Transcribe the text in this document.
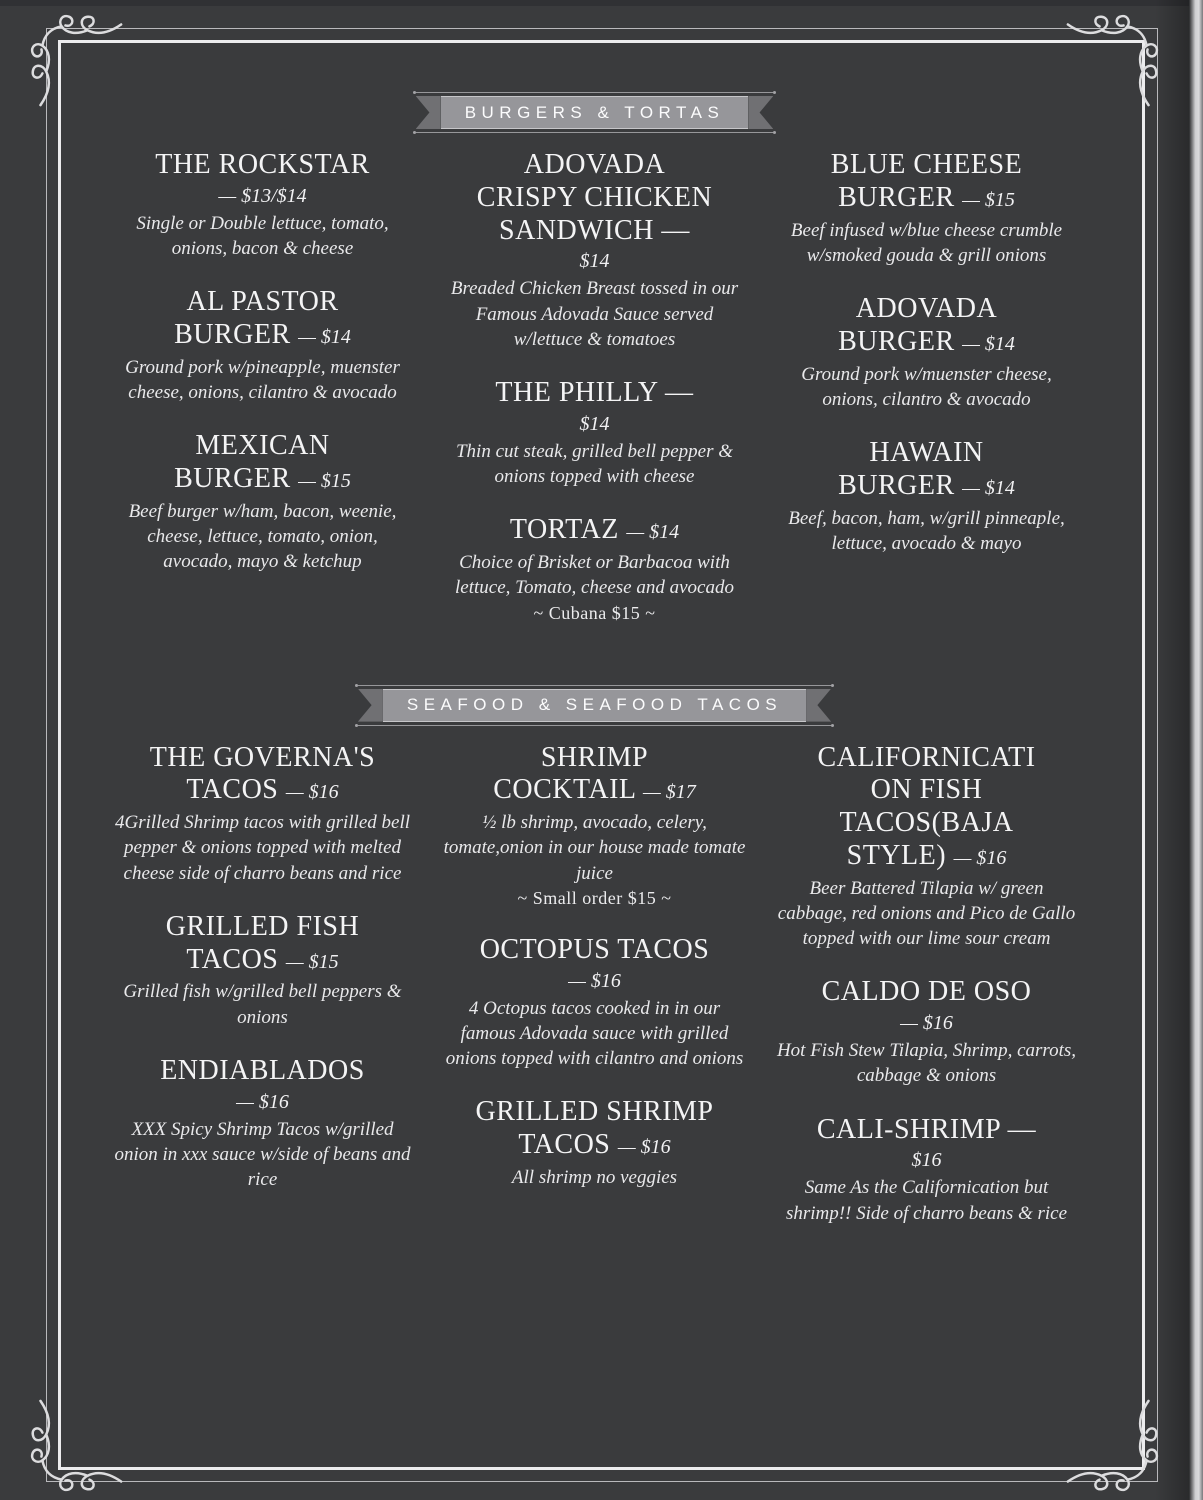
BURGERS & TORTAS
THE ROCKSTAR
— $13/$14
Single or Double lettuce, tomato, onions, bacon & cheese
AL PASTOR
BURGER — $14
Ground pork w/pineapple, muenster cheese, onions, cilantro & avocado
MEXICAN
BURGER — $15
Beef burger w/ham, bacon, weenie, cheese, lettuce, tomato, onion, avocado, mayo & ketchup
ADOVADA
CRISPY CHICKEN
SANDWICH —
$14
Breaded Chicken Breast tossed in our Famous Adovada Sauce served w/lettuce & tomatoes
THE PHILLY —
$14
Thin cut steak, grilled bell pepper & onions topped with cheese
TORTAZ — $14
Choice of Brisket or Barbacoa with lettuce, Tomato, cheese and avocado
~ Cubana $15 ~
BLUE CHEESE
BURGER — $15
Beef infused w/blue cheese crumble w/smoked gouda & grill onions
ADOVADA
BURGER — $14
Ground pork w/muenster cheese, onions, cilantro & avocado
HAWAIN
BURGER — $14
Beef, bacon, ham, w/grill pinneaple, lettuce, avocado & mayo
SEAFOOD & SEAFOOD TACOS
THE GOVERNA'S
TACOS — $16
4Grilled Shrimp tacos with grilled bell pepper & onions topped with melted cheese side of charro beans and rice
GRILLED FISH
TACOS — $15
Grilled fish w/grilled bell peppers & onions
ENDIABLADOS
— $16
XXX Spicy Shrimp Tacos w/grilled onion in xxx sauce w/side of beans and rice
SHRIMP
COCKTAIL — $17
½ lb shrimp, avocado, celery, tomate,onion in our house made tomate juice
~ Small order $15 ~
OCTOPUS TACOS
— $16
4 Octopus tacos cooked in in our famous Adovada sauce with grilled onions topped with cilantro and onions
GRILLED SHRIMP
TACOS — $16
All shrimp no veggies
CALIFORNICATI
ON FISH
TACOS(BAJA
STYLE) — $16
Beer Battered Tilapia w/ green cabbage, red onions and Pico de Gallo topped with our lime sour cream
CALDO DE OSO
— $16
Hot Fish Stew Tilapia, Shrimp, carrots, cabbage & onions
CALI-SHRIMP —
$16
Same As the Californication but shrimp!! Side of charro beans & rice
